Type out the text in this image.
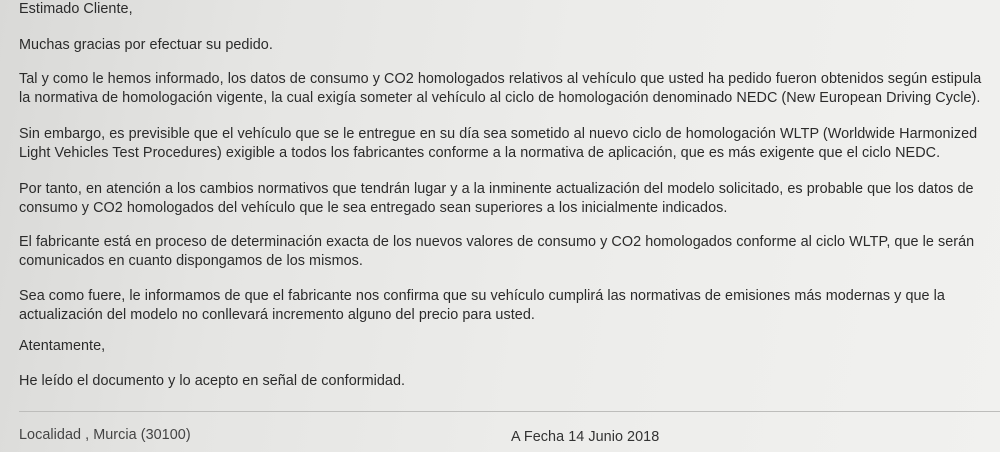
Estimado Cliente,

Muchas gracias por efectuar su pedido.

Tal y como le hemos informado, los datos de consumo y CO2 homologados relativos al vehículo que usted ha pedido fueron obtenidos según estipula

la normativa de homologación vigente, la cual exigía someter al vehículo al ciclo de homologación denominado NEDC (New European Driving Cycle).

Sin embargo, es previsible que el vehículo que se le entregue en su día sea sometido al nuevo ciclo de homologación WLTP (Worldwide Harmonized

Light Vehicles Test Procedures) exigible a todos los fabricantes conforme a la normativa de aplicación, que es más exigente que el ciclo NEDC.

Por tanto, en atención a los cambios normativos que tendrán lugar y a la inminente actualización del modelo solicitado, es probable que los datos de

consumo y CO2 homologados del vehículo que le sea entregado sean superiores a los inicialmente indicados.

El fabricante está en proceso de determinación exacta de los nuevos valores de consumo y CO2 homologados conforme al ciclo WLTP, que le serán

comunicados en cuanto dispongamos de los mismos.

Sea como fuere, le informamos de que el fabricante nos confirma que su vehículo cumplirá las normativas de emisiones más modernas y que la

actualización del modelo no conllevará incremento alguno del precio para usted.

Atentamente,

He leído el documento y lo acepto en señal de conformidad.

Localidad , Murcia (30100)	A Fecha 14 Junio 2018
